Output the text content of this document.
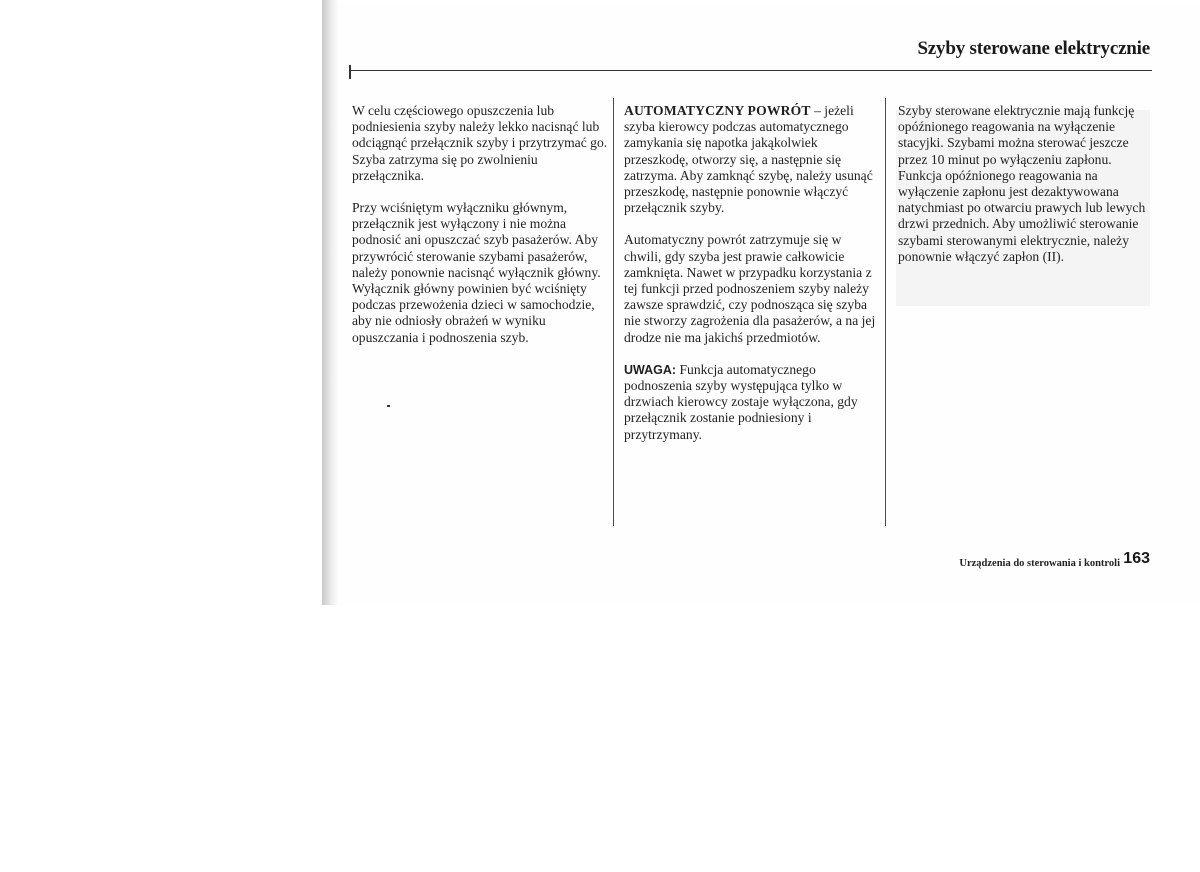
Szyby sterowane elektrycznie

W celu częściowego opuszczenia lub podniesienia szyby należy lekko nacisnąć lub odciągnąć przełącznik szyby i przytrzymać go. Szyba zatrzyma się po zwolnieniu przełącznika.

Przy wciśniętym wyłączniku głównym, przełącznik jest wyłączony i nie można podnosić ani opuszczać szyb pasażerów. Aby przywrócić sterowanie szybami pasażerów, należy ponownie nacisnąć wyłącznik główny. Wyłącznik główny powinien być wciśnięty podczas przewożenia dzieci w samochodzie, aby nie odniosły obrażeń w wyniku opuszczania i podnoszenia szyb.

AUTOMATYCZNY POWRÓT – jeżeli szyba kierowcy podczas automatycznego zamykania się napotka jakąkolwiek przeszkodę, otworzy się, a następnie się zatrzyma. Aby zamknąć szybę, należy usunąć przeszkodę, następnie ponownie włączyć przełącznik szyby.

Automatyczny powrót zatrzymuje się w chwili, gdy szyba jest prawie całkowicie zamknięta. Nawet w przypadku korzystania z tej funkcji przed podnoszeniem szyby należy zawsze sprawdzić, czy podnosząca się szyba nie stworzy zagrożenia dla pasażerów, a na jej drodze nie ma jakichś przedmiotów.

UWAGA: Funkcja automatycznego podnoszenia szyby występująca tylko w drzwiach kierowcy zostaje wyłączona, gdy przełącznik zostanie podniesiony i przytrzymany.

Szyby sterowane elektrycznie mają funkcję opóźnionego reagowania na wyłączenie stacyjki. Szybami można sterować jeszcze przez 10 minut po wyłączeniu zapłonu. Funkcja opóźnionego reagowania na wyłączenie zapłonu jest dezaktywowana natychmiast po otwarciu prawych lub lewych drzwi przednich. Aby umożliwić sterowanie szybami sterowanymi elektrycznie, należy ponownie włączyć zapłon (II).

Urządzenia do sterowania i kontroli 163
